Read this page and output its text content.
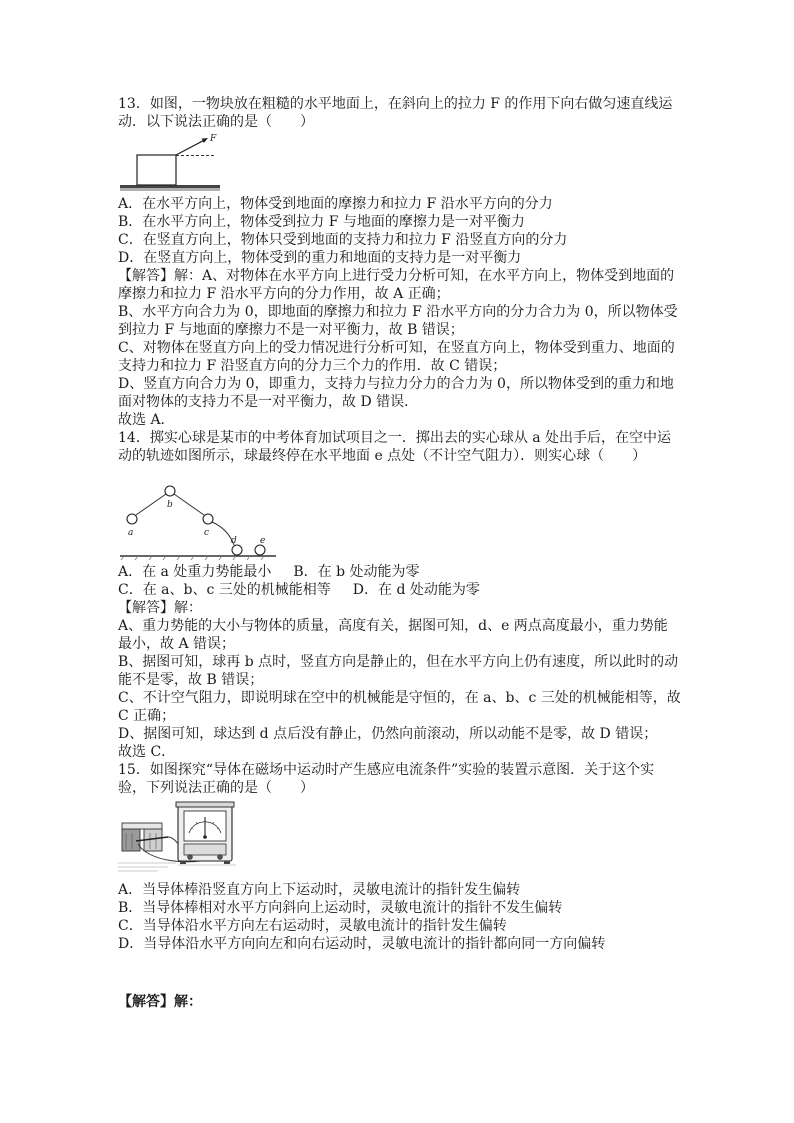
13．如图，一物块放在粗糙的水平地面上，在斜向上的拉力 F 的作用下向右做匀速直线运
动．以下说法正确的是（　　）
F
A．在水平方向上，物体受到地面的摩擦力和拉力 F 沿水平方向的分力
B．在水平方向上，物体受到拉力 F 与地面的摩擦力是一对平衡力
C．在竖直方向上，物体只受到地面的支持力和拉力 F 沿竖直方向的分力
D．在竖直方向上，物体受到的重力和地面的支持力是一对平衡力
【解答】解：A、对物体在水平方向上进行受力分析可知，在水平方向上，物体受到地面的
摩擦力和拉力 F 沿水平方向的分力作用，故 A 正确；
B、水平方向合力为 0，即地面的摩擦力和拉力 F 沿水平方向的分力合力为 0，所以物体受
到拉力 F 与地面的摩擦力不是一对平衡力，故 B 错误；
C、对物体在竖直方向上的受力情况进行分析可知，在竖直方向上，物体受到重力、地面的
支持力和拉力 F 沿竖直方向的分力三个力的作用．故 C 错误；
D、竖直方向合力为 0，即重力，支持力与拉力分力的合力为 0，所以物体受到的重力和地
面对物体的支持力不是一对平衡力，故 D 错误．
故选 A．
14．掷实心球是某市的中考体育加试项目之一．掷出去的实心球从 a 处出手后，在空中运
动的轨迹如图所示，球最终停在水平地面 e 点处（不计空气阻力）．则实心球（　　）
a
b
c
d	e
A．在 a 处重力势能最小 B．在 b 处动能为零
C．在 a、b、c 三处的机械能相等 D．在 d 处动能为零
【解答】解：
A、重力势能的大小与物体的质量，高度有关，据图可知，d、e 两点高度最小，重力势能
最小，故 A 错误；
B、据图可知，球再 b 点时，竖直方向是静止的，但在水平方向上仍有速度，所以此时的动
能不是零，故 B 错误；
C、不计空气阻力，即说明球在空中的机械能是守恒的，在 a、b、c 三处的机械能相等，故
C 正确；
D、据图可知，球达到 d 点后没有静止，仍然向前滚动，所以动能不是零，故 D 错误；
故选 C．
15．如图探究“导体在磁场中运动时产生感应电流条件”实验的装置示意图．关于这个实
验，下列说法正确的是（　　）
A．当导体棒沿竖直方向上下运动时，灵敏电流计的指针发生偏转
B．当导体棒相对水平方向斜向上运动时，灵敏电流计的指针不发生偏转
C．当导体沿水平方向左右运动时，灵敏电流计的指针发生偏转
D．当导体沿水平方向向左和向右运动时，灵敏电流计的指针都向同一方向偏转
【解答】解：
